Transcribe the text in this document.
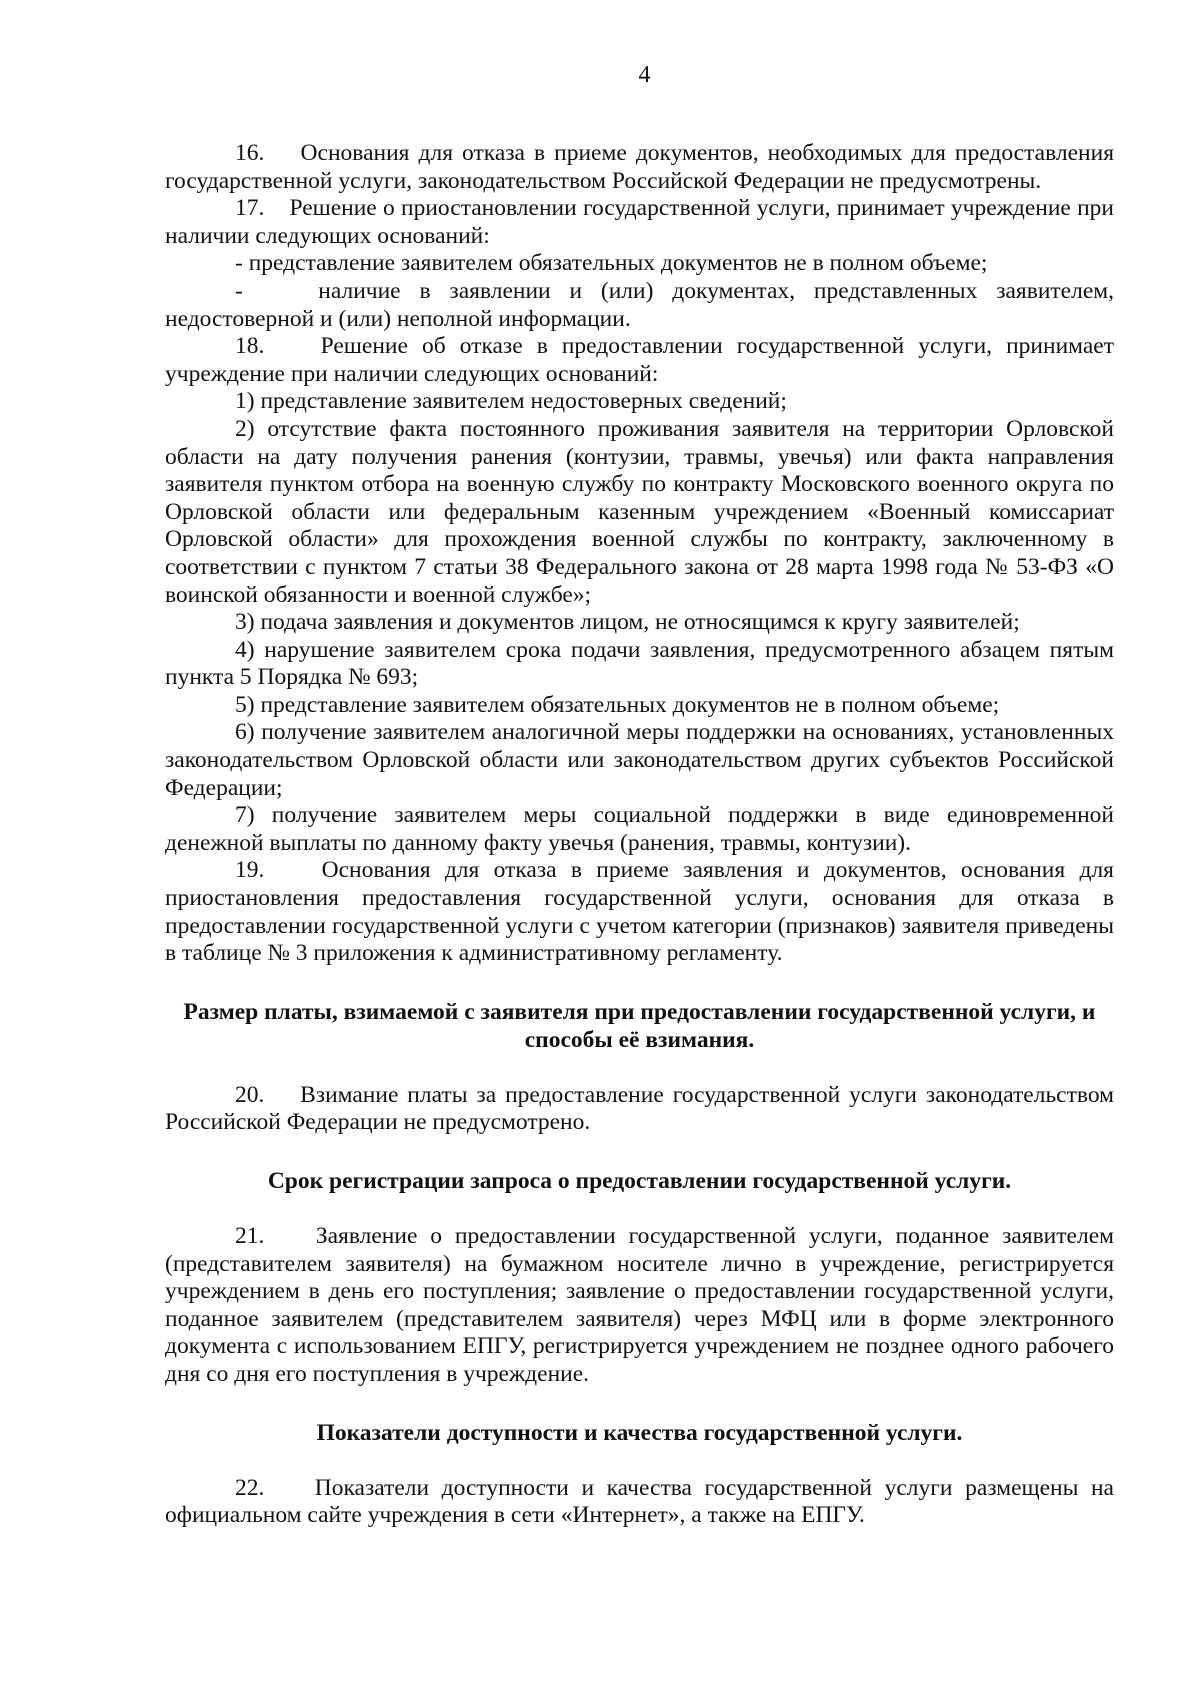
4

16.    Основания для отказа в приеме документов, необходимых для предоставления государственной услуги, законодательством Российской Федерации не предусмотрены.

17.    Решение о приостановлении государственной услуги, принимает учреждение при наличии следующих оснований:

- представление заявителем обязательных документов не в полном объеме;

-    наличие в заявлении и (или) документах, представленных заявителем, недостоверной и (или) неполной информации.

18.    Решение об отказе в предоставлении государственной услуги, принимает учреждение при наличии следующих оснований:

1) представление заявителем недостоверных сведений;

2) отсутствие факта постоянного проживания заявителя на территории Орловской области на дату получения ранения (контузии, травмы, увечья) или факта направления заявителя пунктом отбора на военную службу по контракту Московского военного округа по Орловской области или федеральным казенным учреждением «Военный комиссариат Орловской области» для прохождения военной службы по контракту, заключенному в соответствии с пунктом 7 статьи 38 Федерального закона от 28 марта 1998 года № 53-ФЗ «О воинской обязанности и военной службе»;

3) подача заявления и документов лицом, не относящимся к кругу заявителей;

4) нарушение заявителем срока подачи заявления, предусмотренного абзацем пятым пункта 5 Порядка № 693;

5) представление заявителем обязательных документов не в полном объеме;

6) получение заявителем аналогичной меры поддержки на основаниях, установленных законодательством Орловской области или законодательством других субъектов Российской Федерации;

7) получение заявителем меры социальной поддержки в виде единовременной денежной выплаты по данному факту увечья (ранения, травмы, контузии).

19.    Основания для отказа в приеме заявления и документов, основания для приостановления предоставления государственной услуги, основания для отказа в предоставлении государственной услуги с учетом категории (признаков) заявителя приведены в таблице № 3 приложения к административному регламенту.

Размер платы, взимаемой с заявителя при предоставлении государственной услуги, и способы её взимания.

20.    Взимание платы за предоставление государственной услуги законодательством Российской Федерации не предусмотрено.

Срок регистрации запроса о предоставлении государственной услуги.

21.    Заявление о предоставлении государственной услуги, поданное заявителем (представителем заявителя) на бумажном носителе лично в учреждение, регистрируется учреждением в день его поступления; заявление о предоставлении государственной услуги, поданное заявителем (представителем заявителя) через МФЦ или в форме электронного документа с использованием ЕПГУ, регистрируется учреждением не позднее одного рабочего дня со дня его поступления в учреждение.

Показатели доступности и качества государственной услуги.

22.    Показатели доступности и качества государственной услуги размещены на официальном сайте учреждения в сети «Интернет», а также на ЕПГУ.
